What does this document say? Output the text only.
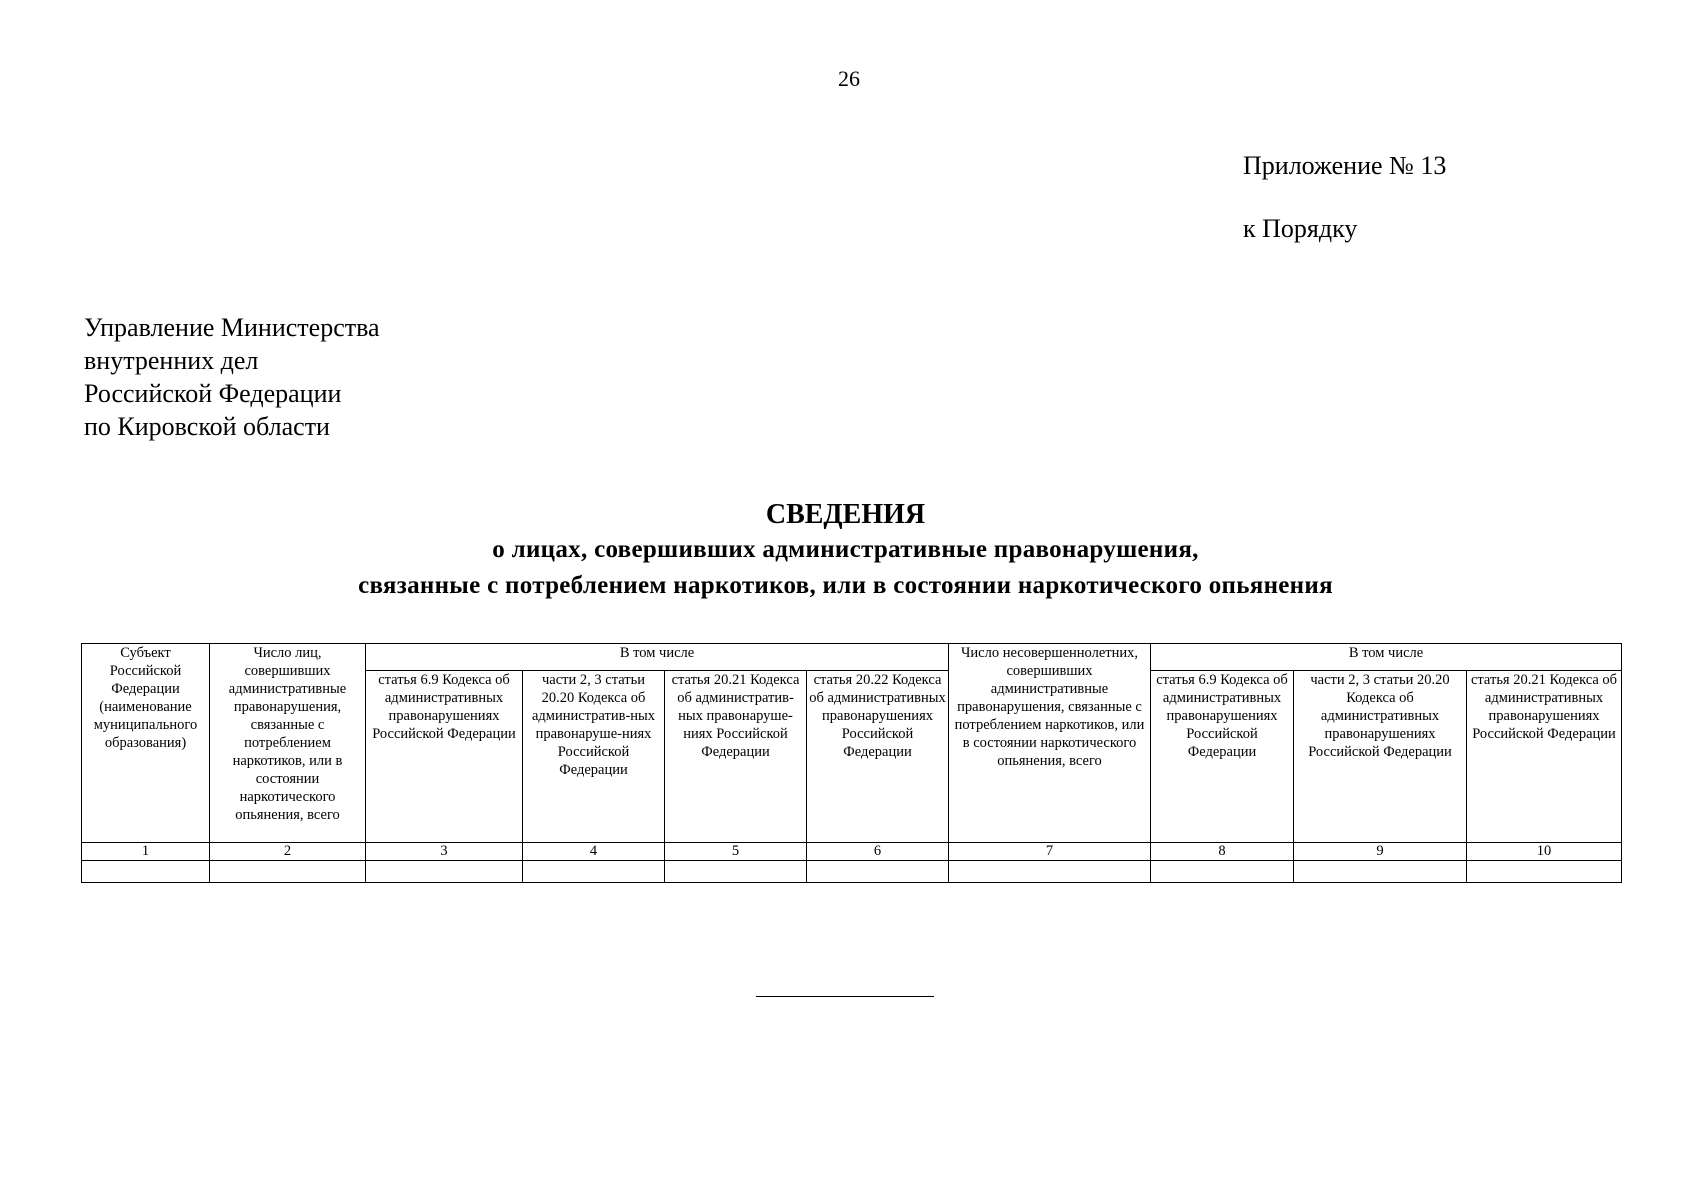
26
Приложение № 13
к Порядку
Управление Министерства
внутренних дел
Российской Федерации
по Кировской области
СВЕДЕНИЯ
о лицах, совершивших административные правонарушения,
связанные с потреблением наркотиков, или в состоянии наркотического опьянения
Субъект Российской Федерации (наименование муниципального образования)	Число лиц, совершивших административные правонарушения, связанные с потреблением наркотиков, или в состоянии наркотического опьянения, всего	В том числе				Число несовершеннолетних, совершивших административные правонарушения, связанные с потреблением наркотиков, или в состоянии наркотического опьянения, всего	В том числе		
		статья 6.9 Кодекса об административных правонарушениях Российской Федерации	части 2, 3 статьи 20.20 Кодекса об административ-ных правонаруше-ниях Российской Федерации	статья 20.21 Кодекса об административ-ных правонаруше-ниях Российской Федерации	статья 20.22 Кодекса об административных правонарушениях Российской Федерации		статья 6.9 Кодекса об административных правонарушениях Российской Федерации	части 2, 3 статьи 20.20 Кодекса об административных правонарушениях Российской Федерации	статья 20.21 Кодекса об административных правонарушениях Российской Федерации
1	2	3	4	5	6	7	8	9	10
